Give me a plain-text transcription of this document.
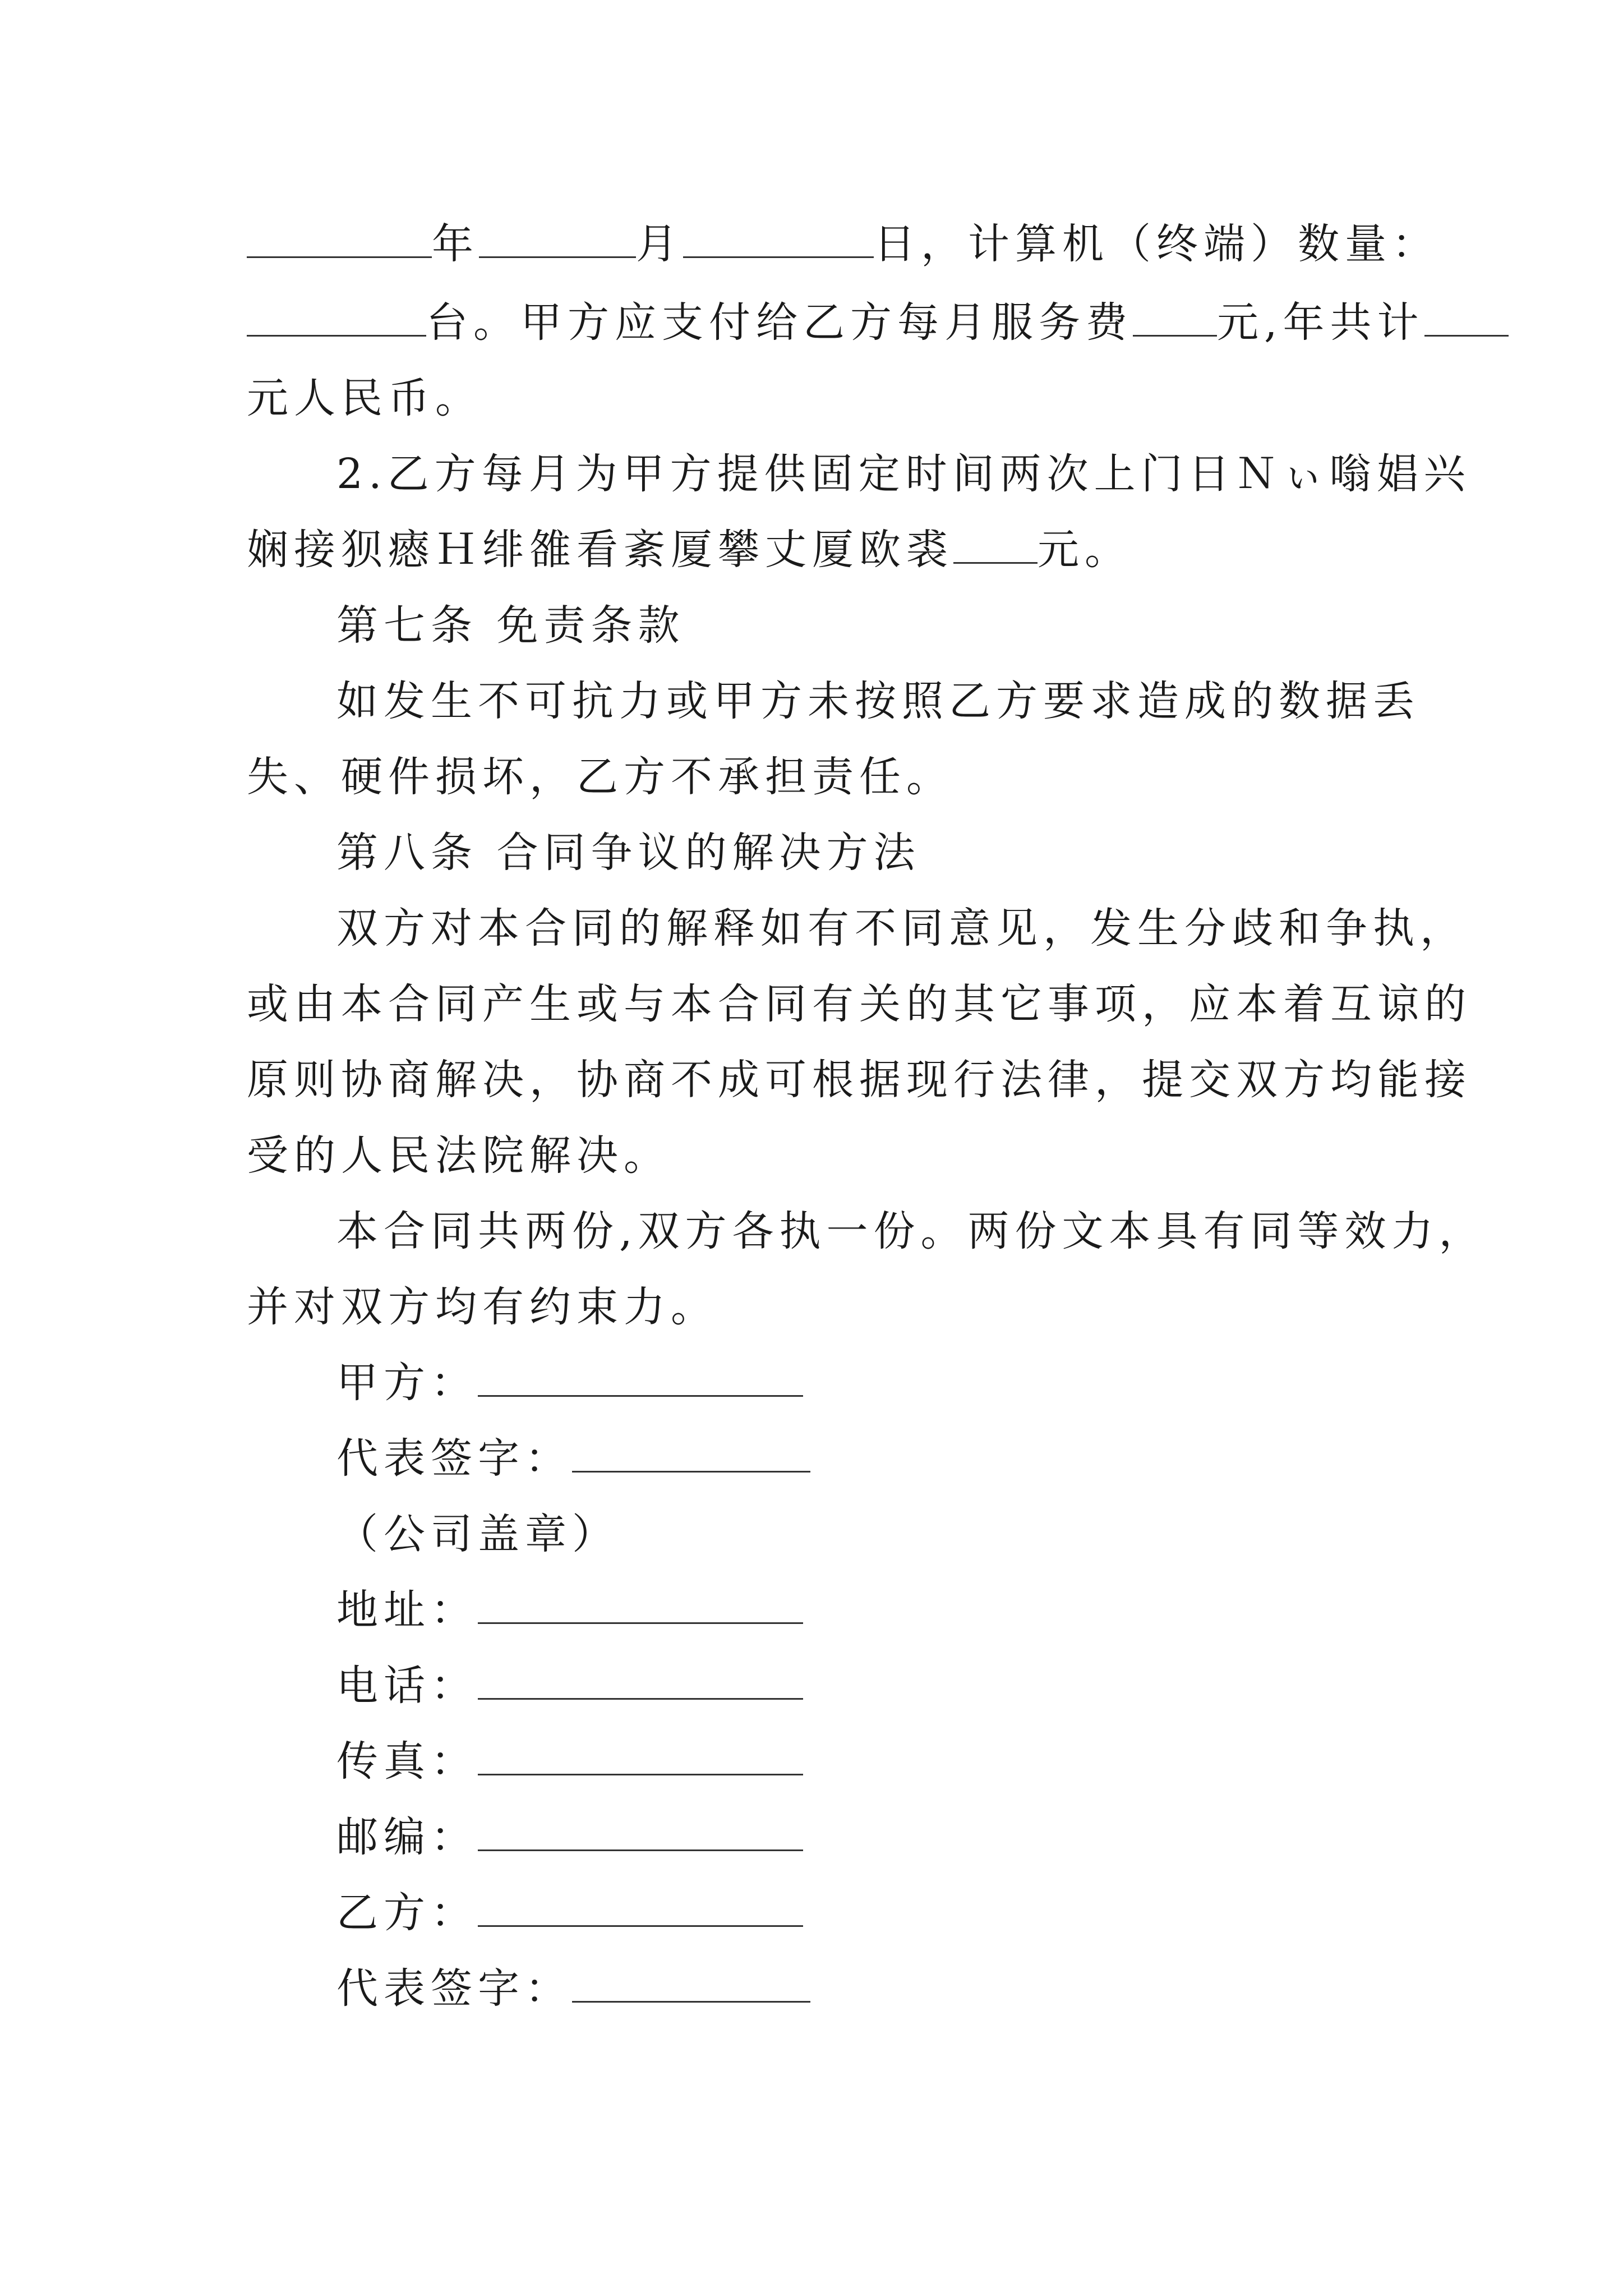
年	月	日，计算机（终端）数量：
台。甲方应支付给乙方每月服务费 元,年共计
元人民币。
2.乙方每月为甲方提供固定时间两次上门日Ｎぃ嗡娼兴
娴接狈瘱Ｈ绯雒看紊厦攀丈厦欧裘 元。
第七条 免责条款
如发生不可抗力或甲方未按照乙方要求造成的数据丢
失、硬件损坏，乙方不承担责任。
第八条 合同争议的解决方法
双方对本合同的解释如有不同意见，发生分歧和争执，
或由本合同产生或与本合同有关的其它事项，应本着互谅的
原则协商解决，协商不成可根据现行法律，提交双方均能接
受的人民法院解决。
本合同共两份,双方各执一份。两份文本具有同等效力，
并对双方均有约束力。
甲方：
代表签字：
（公司盖章）
地址：
电话：
传真：
邮编：
乙方：
代表签字：
